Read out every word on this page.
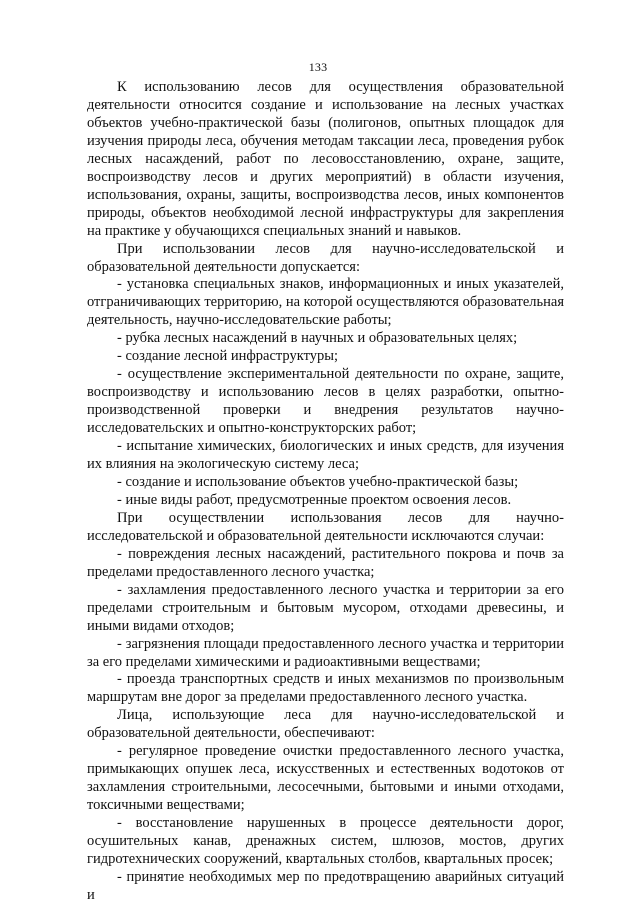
133

К использованию лесов для осуществления образовательной деятельности относится создание и использование на лесных участках объектов учебно-практической базы (полигонов, опытных площадок для изучения природы леса, обучения методам таксации леса, проведения рубок лесных насаждений, работ по лесовосстановлению, охране, защите, воспроизводству лесов и других мероприятий) в области изучения, использования, охраны, защиты, воспроизводства лесов, иных компонентов природы, объектов необходимой лесной инфраструктуры для закрепления на практике у обучающихся специальных знаний и навыков.

При использовании лесов для научно-исследовательской и образовательной деятельности допускается:

- установка специальных знаков, информационных и иных указателей, отграничивающих территорию, на которой осуществляются образовательная деятельность, научно-исследовательские работы;

- рубка лесных насаждений в научных и образовательных целях;

- создание лесной инфраструктуры;

- осуществление экспериментальной деятельности по охране, защите, воспроизводству и использованию лесов в целях разработки, опытно-производственной проверки и внедрения результатов научно-исследовательских и опытно-конструкторских работ;

- испытание химических, биологических и иных средств, для изучения их влияния на экологическую систему леса;

- создание и использование объектов учебно-практической базы;

- иные виды работ, предусмотренные проектом освоения лесов.

При осуществлении использования лесов для научно-исследовательской и образовательной деятельности исключаются случаи:

- повреждения лесных насаждений, растительного покрова и почв за пределами предоставленного лесного участка;

- захламления предоставленного лесного участка и территории за его пределами строительным и бытовым мусором, отходами древесины, и иными видами отходов;

- загрязнения площади предоставленного лесного участка и территории за его пределами химическими и радиоактивными веществами;

- проезда транспортных средств и иных механизмов по произвольным маршрутам вне дорог за пределами предоставленного лесного участка.

Лица, использующие леса для научно-исследовательской и образовательной деятельности, обеспечивают:

- регулярное проведение очистки предоставленного лесного участка, примыкающих опушек леса, искусственных и естественных водотоков от захламления строительными, лесосечными, бытовыми и иными отходами, токсичными веществами;

- восстановление нарушенных в процессе деятельности дорог, осушительных канав, дренажных систем, шлюзов, мостов, других гидротехнических сооружений, квартальных столбов, квартальных просек;

- принятие необходимых мер по предотвращению аварийных ситуаций и
